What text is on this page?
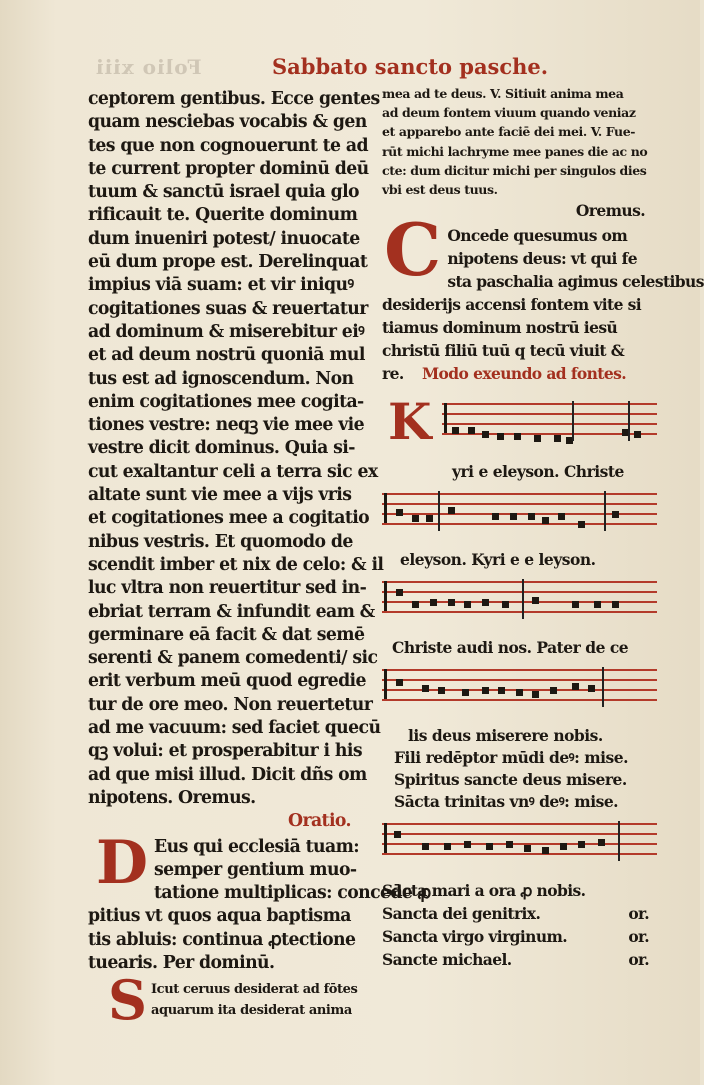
Folio xiii	Sabbato sancto pasche.
ceptorem gentibus. Ecce gentes
quam nesciebas vocabis & gen
tes que non cognouerunt te ad
te current propter dominū deū
tuum & sanctū israel quia glo
rificauit te. Querite dominum
dum inueniri potest/ inuocate
eū dum prope est. Derelinquat
impius viā suam: et vir iniquꝰ
cogitationes suas & reuertatur
ad dominum & miserebitur eiꝰ
et ad deum nostrū quoniā mul
tus est ad ignoscendum. Non
enim cogitationes mee cogita-
tiones vestre: neqꝫ vie mee vie
vestre dicit dominus. Quia si-
cut exaltantur celi a terra sic ex
altate sunt vie mee a vijs vris
et cogitationes mee a cogitatio
nibus vestris. Et quomodo de
scendit imber et nix de celo: & il
luc vltra non reuertitur sed in-
ebriat terram & infundit eam &
germinare eā facit & dat semē
serenti & panem comedenti/ sic
erit verbum meū quod egredie
tur de ore meo. Non reuertetur
ad me vacuum: sed faciet quecū
qꝫ volui: et prosperabitur i his
ad que misi illud. Dicit dñs om
nipotens. Oremus.
Oratio.
D Eus qui ecclesiā tuam:
semper gentium muo-
tatione multiplicas: concede ꝓ
pitius vt quos aqua baptisma
tis abluis: continua ꝓtectione
tuearis. Per dominū.
S Icut ceruus desiderat ad fōtes
aquarum ita desiderat anima
mea ad te deus. V. Sitiuit anima mea
ad deum fontem viuum quando veniaz
et apparebo ante faciē dei mei. V. Fue-
rūt michi lachryme mee panes die ac no
cte: dum dicitur michi per singulos dies
vbi est deus tuus.
Oremus.
C Oncede quesumus om
nipotens deus: vt qui fe
sta paschalia agimus celestibus
desiderijs accensi fontem vite si
tiamus dominum nostrū iesū
christū filiū tuū q tecū viuit &
re.	Modo exeundo ad fontes.
K
yri e eleyson. Christe
eleyson. Kyri e e leyson.
Christe audi nos. Pater de ce
lis deus miserere nobis.
Fili redēptor mūdi deꝰ: mise.
Spiritus sancte deus misere.
Sācta trinitas vnꝰ deꝰ: mise.
Sācta mari a ora ꝓ nobis.
Sancta dei genitrix.	or.
Sancta virgo virginum.	or.
Sancte michael.	or.
